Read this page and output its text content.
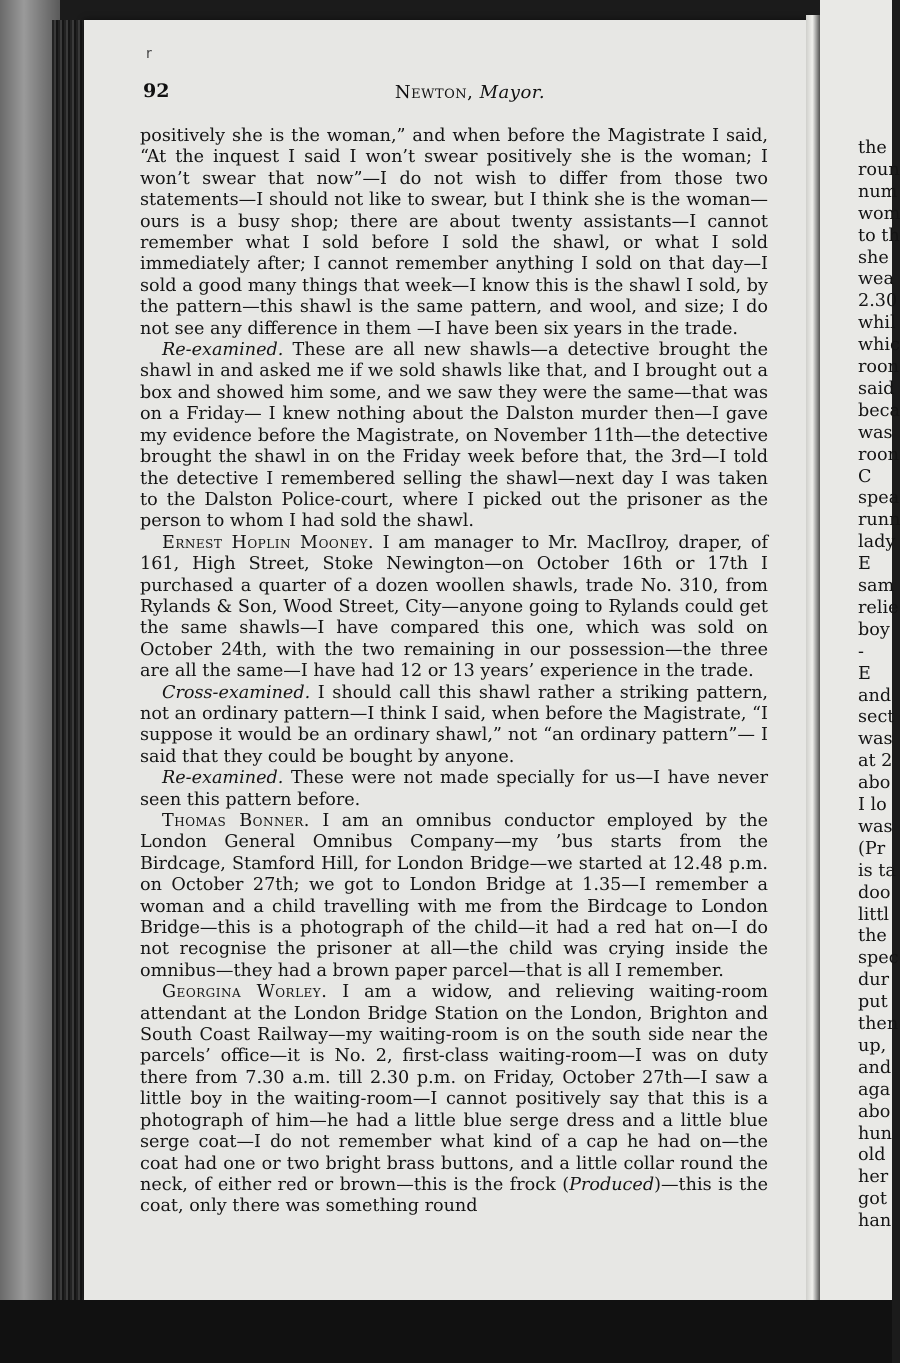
r
92	Newton, Mayor.

positively she is the woman,” and when before the Magistrate I said, “At the inquest I said I won’t swear positively she is the woman; I won’t swear that now”—I do not wish to differ from those two statements—I should not like to swear, but I think she is the woman—ours is a busy shop; there are about twenty assistants—I cannot remember what I sold before I sold the shawl, or what I sold immediately after; I cannot remember anything I sold on that day—I sold a good many things that week—I know this is the shawl I sold, by the pattern—this shawl is the same pattern, and wool, and size; I do not see any difference in them —I have been six years in the trade.

Re-examined. These are all new shawls—a detective brought the shawl in and asked me if we sold shawls like that, and I brought out a box and showed him some, and we saw they were the same—that was on a Friday— I knew nothing about the Dalston murder then—I gave my evidence before the Magistrate, on November 11th—the detective brought the shawl in on the Friday week before that, the 3rd—I told the detective I remembered selling the shawl—next day I was taken to the Dalston Police-court, where I picked out the prisoner as the person to whom I had sold the shawl.

Ernest Hoplin Mooney. I am manager to Mr. MacIlroy, draper, of 161, High Street, Stoke Newington—on October 16th or 17th I purchased a quarter of a dozen woollen shawls, trade No. 310, from Rylands & Son, Wood Street, City—anyone going to Rylands could get the same shawls—I have compared this one, which was sold on October 24th, with the two remaining in our possession—the three are all the same—I have had 12 or 13 years’ experience in the trade.

Cross-examined. I should call this shawl rather a striking pattern, not an ordinary pattern—I think I said, when before the Magistrate, “I suppose it would be an ordinary shawl,” not “an ordinary pattern”— I said that they could be bought by anyone.

Re-examined. These were not made specially for us—I have never seen this pattern before.

Thomas Bonner. I am an omnibus conductor employed by the London General Omnibus Company—my ’bus starts from the Birdcage, Stamford Hill, for London Bridge—we started at 12.48 p.m. on October 27th; we got to London Bridge at 1.35—I remember a woman and a child travelling with me from the Birdcage to London Bridge—this is a photograph of the child—it had a red hat on—I do not recognise the prisoner at all—the child was crying inside the omnibus—they had a brown paper parcel—that is all I remember.

Georgina Worley. I am a widow, and relieving waiting-room attendant at the London Bridge Station on the London, Brighton and South Coast Railway—my waiting-room is on the south side near the parcels’ office—it is No. 2, first-class waiting-room—I was on duty there from 7.30 a.m. till 2.30 p.m. on Friday, October 27th—I saw a little boy in the waiting-room—I cannot positively say that this is a photograph of him—he had a little blue serge dress and a little blue serge coat—I do not remember what kind of a cap he had on—the coat had one or two bright brass buttons, and a little collar round the neck, of either red or brown—this is the frock (Produced)—this is the coat, only there was something round

the
roun
num
wom
to th
she
wea
2.30
whil
whic
roon
said
beca
was
roon
C
spea
runn
lady
E
sam
relie
boy
-
E
and
sect
was
at 2
abo
I lo
was
(Pr
is ta
doo
littl
the
spec
dur
put
then
up,
and
aga
abo
hun
old
her
got
han
